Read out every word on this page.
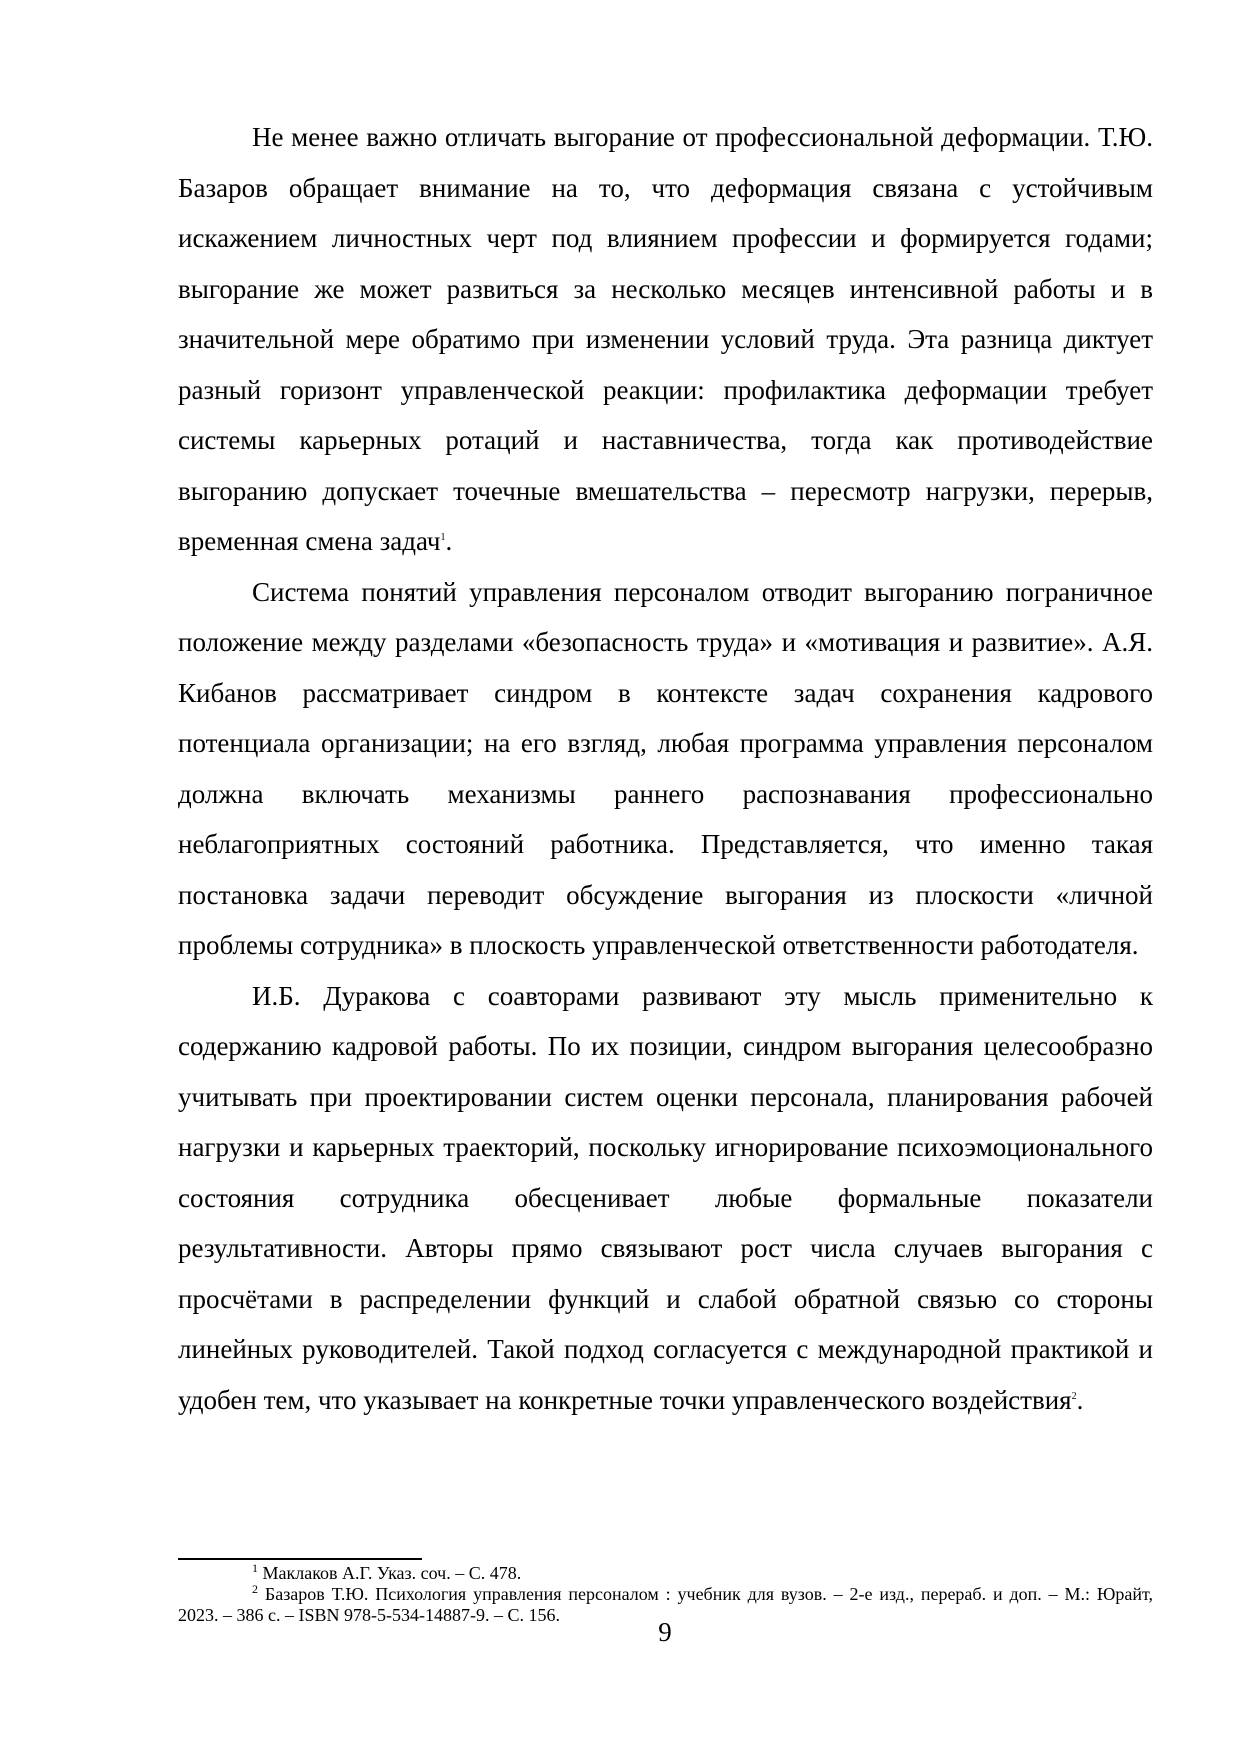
Не менее важно отличать выгорание от профессиональной деформации. Т.Ю. Базаров обращает внимание на то, что деформация связана с устойчивым искажением личностных черт под влиянием профессии и формируется годами; выгорание же может развиться за несколько месяцев интенсивной работы и в значительной мере обратимо при изменении условий труда. Эта разница диктует разный горизонт управленческой реакции: профилактика деформации требует системы карьерных ротаций и наставничества, тогда как противодействие выгоранию допускает точечные вмешательства – пересмотр нагрузки, перерыв, временная смена задач$^1$.

Система понятий управления персоналом отводит выгоранию пограничное положение между разделами «безопасность труда» и «мотивация и развитие». А.Я. Кибанов рассматривает синдром в контексте задач сохранения кадрового потенциала организации; на его взгляд, любая программа управления персоналом должна включать механизмы раннего распознавания профессионально неблагоприятных состояний работника. Представляется, что именно такая постановка задачи переводит обсуждение выгорания из плоскости «личной проблемы сотрудника» в плоскость управленческой ответственности работодателя.

И.Б. Дуракова с соавторами развивают эту мысль применительно к содержанию кадровой работы. По их позиции, синдром выгорания целесообразно учитывать при проектировании систем оценки персонала, планирования рабочей нагрузки и карьерных траекторий, поскольку игнорирование психоэмоционального состояния сотрудника обесценивает любые формальные показатели результативности. Авторы прямо связывают рост числа случаев выгорания с просчётами в распределении функций и слабой обратной связью со стороны линейных руководителей. Такой подход согласуется с международной практикой и удобен тем, что указывает на конкретные точки управленческого воздействия$^2$.

$^1$ Маклаков А.Г. Указ. соч. – С. 478.

$^2$ Базаров Т.Ю. Психология управления персоналом : учебник для вузов. – 2-е изд., перераб. и доп. – М.: Юрайт, 2023. – 386 с. – ISBN 978-5-534-14887-9. – С. 156.

9
